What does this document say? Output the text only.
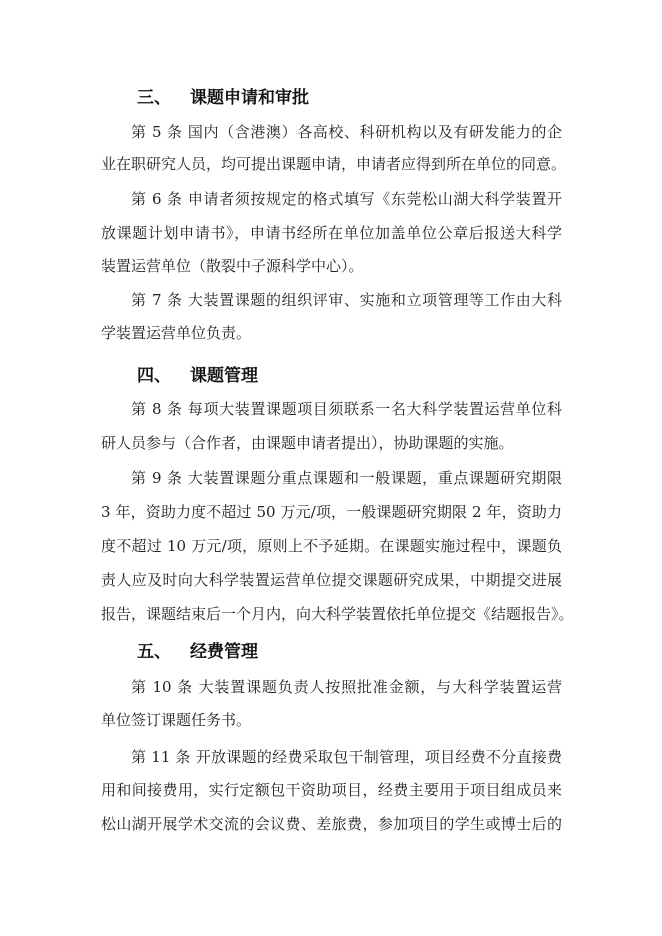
三、 课题申请和审批
第 5 条 国内（含港澳）各高校、科研机构以及有研发能力的企
业在职研究人员，均可提出课题申请，申请者应得到所在单位的同意。
第 6 条 申请者须按规定的格式填写《东莞松山湖大科学装置开
放课题计划申请书》，申请书经所在单位加盖单位公章后报送大科学
装置运营单位（散裂中子源科学中心）。
第 7 条 大装置课题的组织评审、实施和立项管理等工作由大科
学装置运营单位负责。
四、 课题管理
第 8 条 每项大装置课题项目须联系一名大科学装置运营单位科
研人员参与（合作者，由课题申请者提出），协助课题的实施。
第 9 条 大装置课题分重点课题和一般课题，重点课题研究期限
3 年，资助力度不超过 50 万元/项，一般课题研究期限 2 年，资助力
度不超过 10 万元/项，原则上不予延期。在课题实施过程中，课题负
责人应及时向大科学装置运营单位提交课题研究成果，中期提交进展
报告，课题结束后一个月内，向大科学装置依托单位提交《结题报告》。
五、 经费管理
第 10 条 大装置课题负责人按照批准金额，与大科学装置运营
单位签订课题任务书。
第 11 条 开放课题的经费采取包干制管理，项目经费不分直接费
用和间接费用，实行定额包干资助项目，经费主要用于项目组成员来
松山湖开展学术交流的会议费、差旅费，参加项目的学生或博士后的
